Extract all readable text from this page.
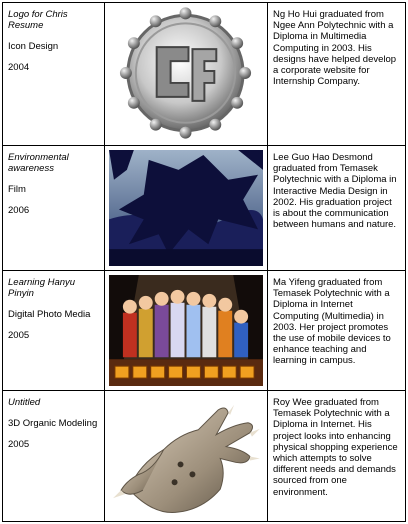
Logo for Chris Resume

Icon Design

2004

Ng Ho Hui graduated from Ngee Ann Polytechnic with a Diploma in Multimedia Computing in 2003. His designs have helped develop a corporate website for Internship Company.

Environmental awareness

Film

2006

Lee Guo Hao Desmond graduated from Temasek Polytechnic with a Diploma in Interactive Media Design in 2002. His graduation project is about the communication between humans and nature.

Learning Hanyu Pinyin

Digital Photo Media

2005

Ma Yifeng graduated from Temasek Polytechnic with a Diploma in Internet Computing (Multimedia) in 2003. Her project promotes the use of mobile devices to enhance teaching and learning in campus.

Untitled

3D Organic Modeling

2005

Roy Wee graduated from Temasek Polytechnic with a Diploma in Internet. His project looks into enhancing physical shopping experience which attempts to solve different needs and demands sourced from one environment.
